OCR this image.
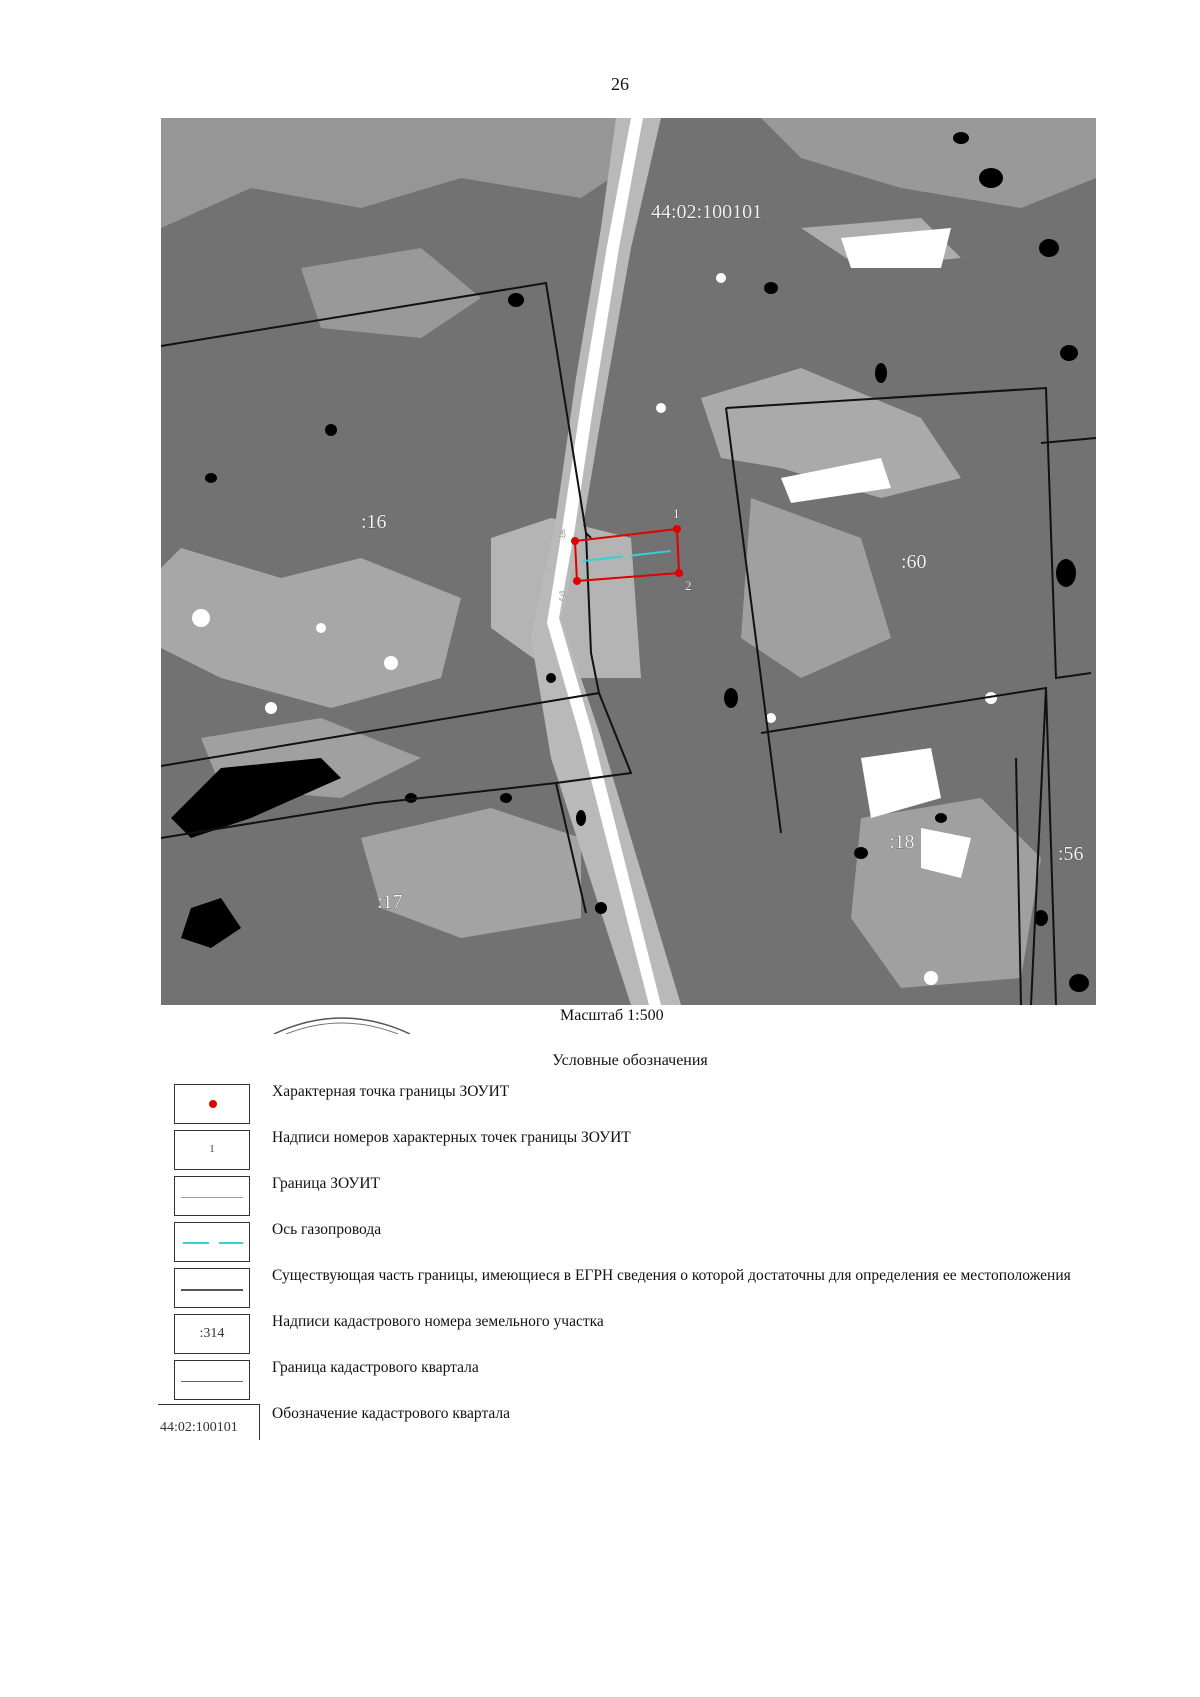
26
44:02:100101
:16
:60
:18
:56
:17
1
2
3
4
Масштаб 1:500
Условные обозначения
Характерная точка границы ЗОУИТ
1
Надписи номеров характерных точек границы ЗОУИТ
Граница ЗОУИТ
Ось газопровода
Существующая часть границы, имеющиеся в ЕГРН сведения о которой достаточны для определения ее местоположения
:314
Надписи кадастрового номера земельного участка
Граница кадастрового квартала
44:02:100101
Обозначение кадастрового квартала
